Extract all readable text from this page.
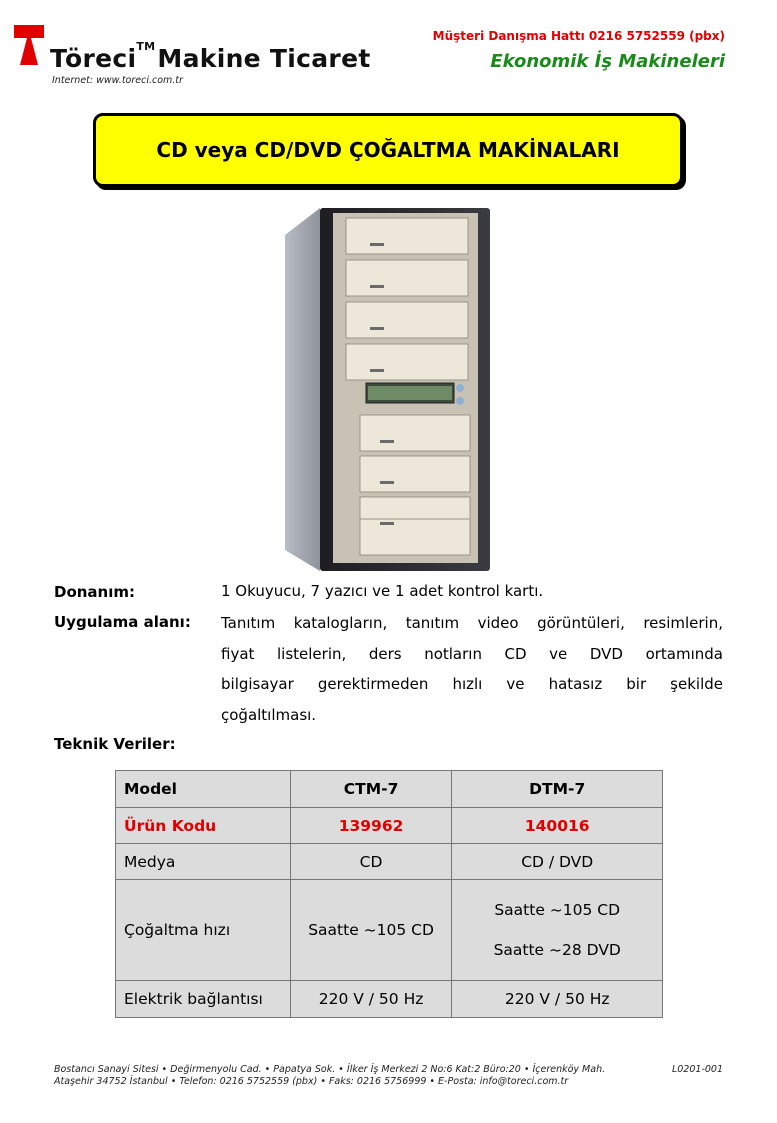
Töreci™Makine Ticaret
Internet: www.toreci.com.tr
Müşteri Danışma Hattı 0216 5752559 (pbx)
Ekonomik İş Makineleri
CD veya CD/DVD ÇOĞALTMA MAKİNALARI
Donanım:	1 Okuyucu, 7 yazıcı ve 1 adet kontrol kartı.
Uygulama alanı: Tanıtım katalogların, tanıtım video görüntüleri, resimlerin,
fiyat listelerin, ders notların CD ve DVD ortamında
bilgisayar gerektirmeden hızlı ve hatasız bir şekilde
çoğaltılması.
Teknik Veriler:
Model	CTM-7	DTM-7
Ürün Kodu	139962	140016
Medya	CD	CD / DVD
Çoğaltma hızı	Saatte ~105 CD	Saatte ~105 CD
Saatte ~28 DVD

Elektrik bağlantısı	220 V / 50 Hz	220 V / 50 Hz
Bostancı Sanayi Sitesi • Değirmenyolu Cad. • Papatya Sok. • İlker İş Merkezi 2 No:6 Kat:2 Büro:20 • İçerenköy Mah.
Ataşehir 34752 İstanbul • Telefon: 0216 5752559 (pbx) • Faks: 0216 5756999 • E-Posta: info@toreci.com.tr
L0201-001
